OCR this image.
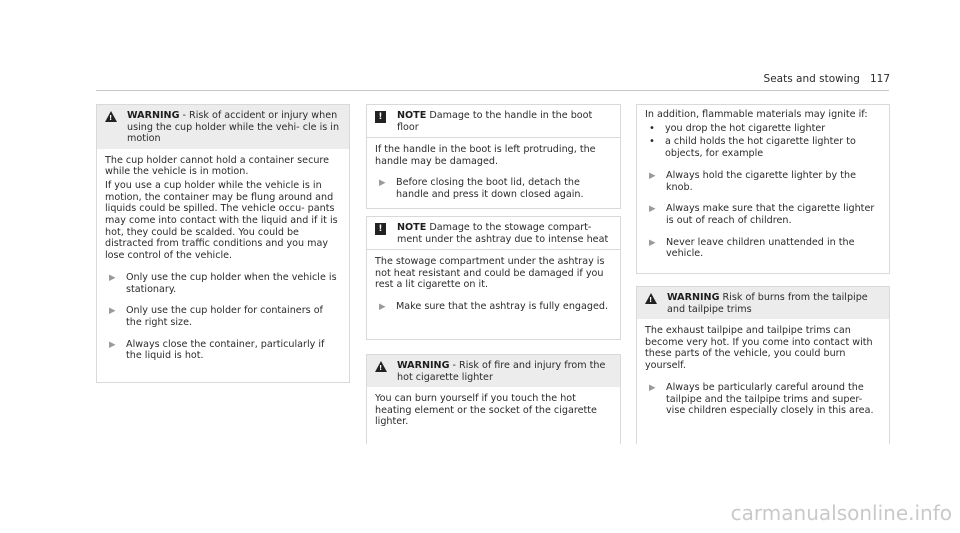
Seats and stowing 117
! WARNING - Risk of accident or injury when using the cup holder while the vehi- cle is in motion

The cup holder cannot hold a container secure while the vehicle is in motion.

If you use a cup holder while the vehicle is in motion, the container may be flung around and liquids could be spilled. The vehicle occu- pants may come into contact with the liquid and if it is hot, they could be scalded. You could be distracted from traffic conditions and you may lose control of the vehicle.

▶	Only use the cup holder when the vehicle is stationary.
▶	Only use the cup holder for containers of the right size.
▶	Always close the container, particularly if the liquid is hot.
!	NOTE Damage to the handle in the boot floor

If the handle in the boot is left protruding, the handle may be damaged.

▶	Before closing the boot lid, detach the handle and press it down closed again.
!	NOTE Damage to the stowage compart- ment under the ashtray due to intense heat

The stowage compartment under the ashtray is not heat resistant and could be damaged if you rest a lit cigarette on it.

▶	Make sure that the ashtray is fully engaged.
! WARNING - Risk of fire and injury from the hot cigarette lighter

You can burn yourself if you touch the hot heating element or the socket of the cigarette lighter.

In addition, flammable materials may ignite if:

•	you drop the hot cigarette lighter
•	a child holds the hot cigarette lighter to objects, for example
▶	Always hold the cigarette lighter by the knob.
▶	Always make sure that the cigarette lighter is out of reach of children.
▶	Never leave children unattended in the vehicle.
! WARNING Risk of burns from the tailpipe and tailpipe trims

The exhaust tailpipe and tailpipe trims can become very hot. If you come into contact with these parts of the vehicle, you could burn yourself.

▶	Always be particularly careful around the tailpipe and the tailpipe trims and super- vise children especially closely in this area.
carmanualsonline.info
